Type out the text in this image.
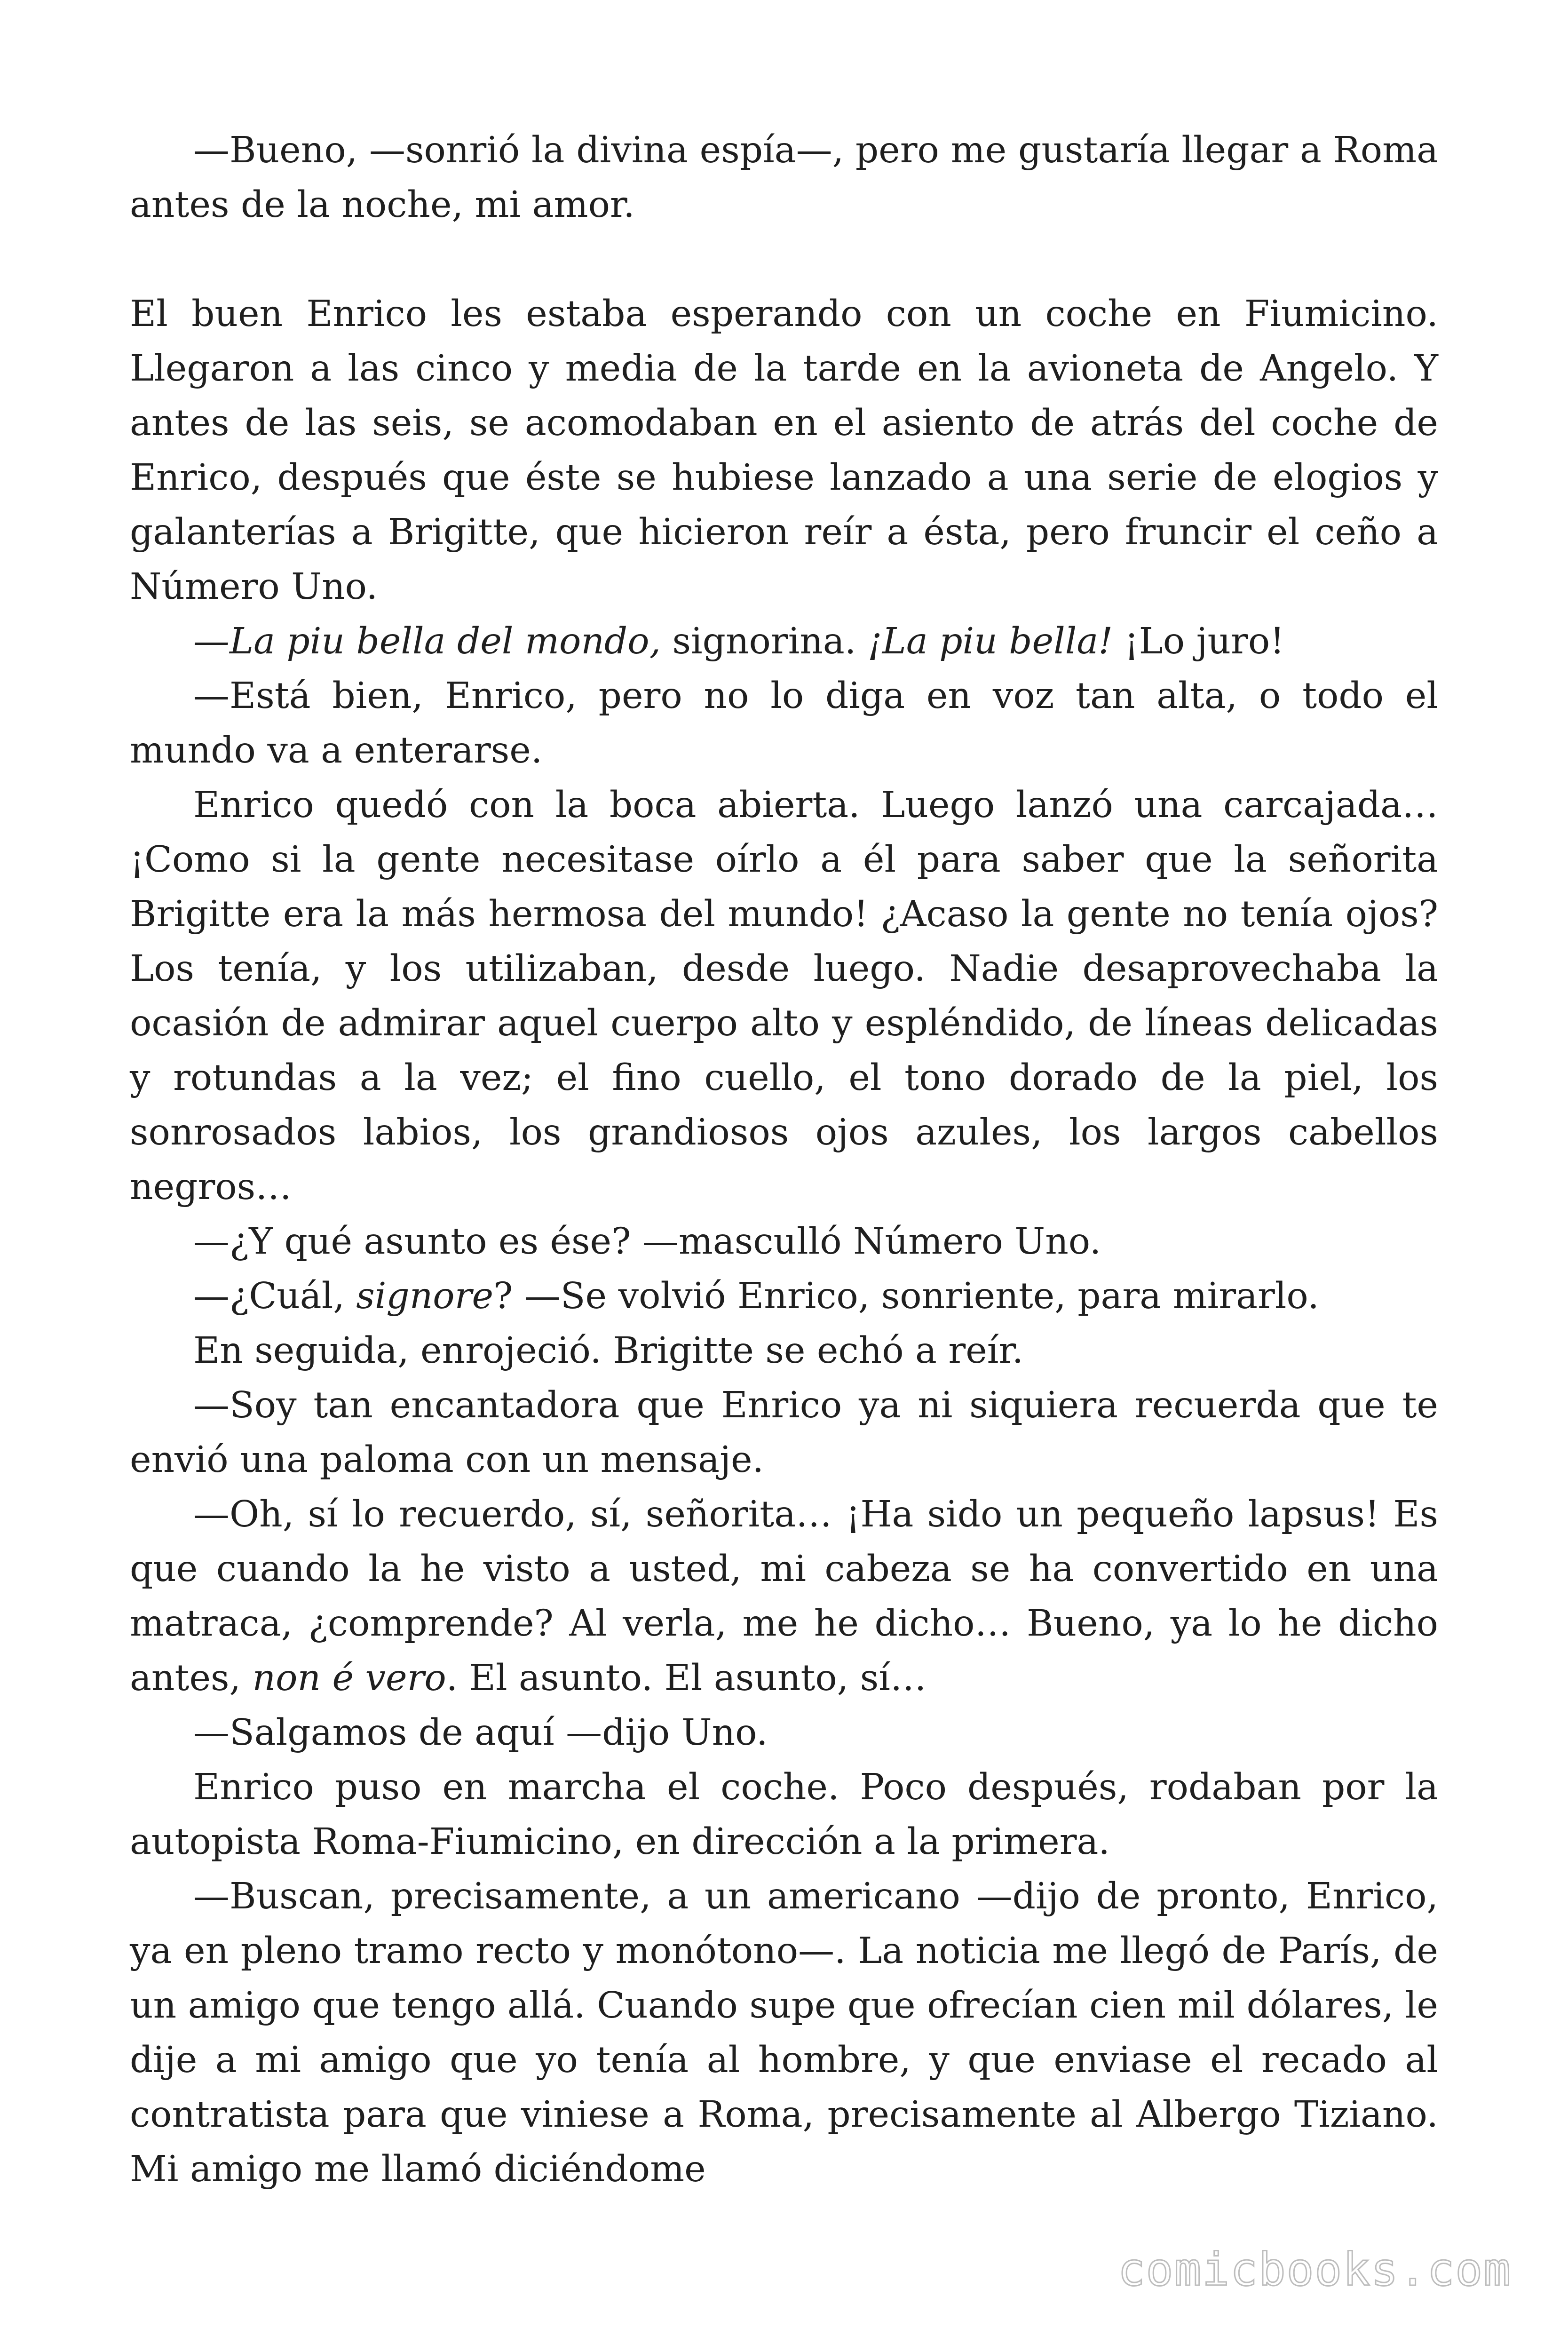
—Bueno, —sonrió la divina espía—, pero me gustaría llegar a Roma antes de la noche, mi amor.

El buen Enrico les estaba esperando con un coche en Fiumicino. Llegaron a las cinco y media de la tarde en la avioneta de Angelo. Y antes de las seis, se acomodaban en el asiento de atrás del coche de Enrico, después que éste se hubiese lanzado a una serie de elogios y galanterías a Brigitte, que hicieron reír a ésta, pero fruncir el ceño a Número Uno.

—La piu bella del mondo, signorina. ¡La piu bella! ¡Lo juro!

—Está bien, Enrico, pero no lo diga en voz tan alta, o todo el mundo va a enterarse.

Enrico quedó con la boca abierta. Luego lanzó una carcajada… ¡Como si la gente necesitase oírlo a él para saber que la señorita Brigitte era la más hermosa del mundo! ¿Acaso la gente no tenía ojos? Los tenía, y los utilizaban, desde luego. Nadie desaprovechaba la ocasión de admirar aquel cuerpo alto y espléndido, de líneas delicadas y rotundas a la vez; el fino cuello, el tono dorado de la piel, los sonrosados labios, los grandiosos ojos azules, los largos cabellos negros…

—¿Y qué asunto es ése? —masculló Número Uno.

—¿Cuál, signore? —Se volvió Enrico, sonriente, para mirarlo.

En seguida, enrojeció. Brigitte se echó a reír.

—Soy tan encantadora que Enrico ya ni siquiera recuerda que te envió una paloma con un mensaje.

—Oh, sí lo recuerdo, sí, señorita… ¡Ha sido un pequeño lapsus! Es que cuando la he visto a usted, mi cabeza se ha convertido en una matraca, ¿comprende? Al verla, me he dicho… Bueno, ya lo he dicho antes, non é vero. El asunto. El asunto, sí…

—Salgamos de aquí —dijo Uno.

Enrico puso en marcha el coche. Poco después, rodaban por la autopista Roma-Fiumicino, en dirección a la primera.

—Buscan, precisamente, a un americano —dijo de pronto, Enrico, ya en pleno tramo recto y monótono—. La noticia me llegó de París, de un amigo que tengo allá. Cuando supe que ofrecían cien mil dólares, le dije a mi amigo que yo tenía al hombre, y que enviase el recado al contratista para que viniese a Roma, precisamente al Albergo Tiziano. Mi amigo me llamó diciéndome

comicbooks.com
